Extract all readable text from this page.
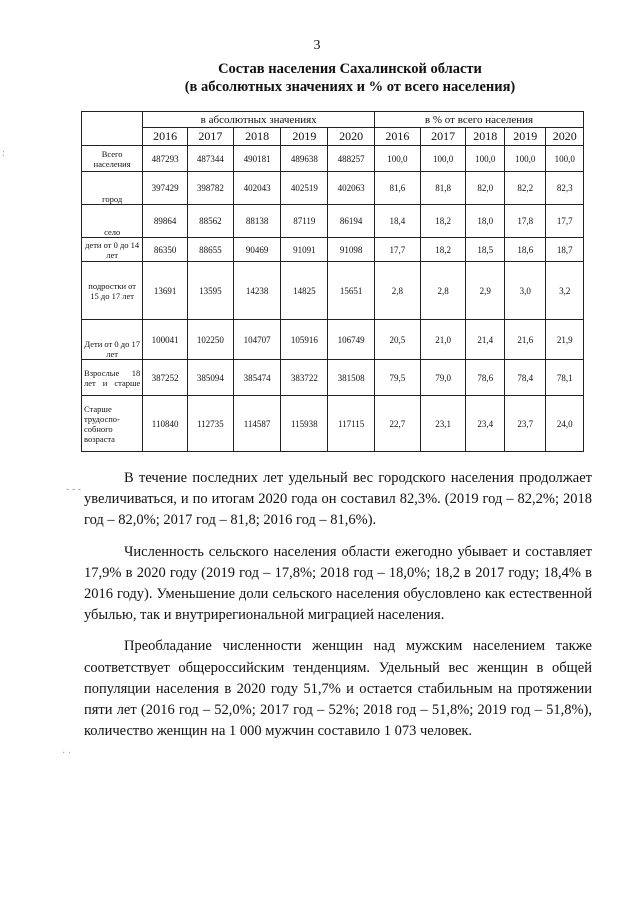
3
Состав населения Сахалинской области
(в абсолютных значениях и % от всего населения)
	в абсолютных значениях					в % от всего населения				
	2016	2017	2018	2019	2020	2016	2017	2018	2019	2020
Всего населения	487293	487344	490181	489638	488257	100,0	100,0	100,0	100,0	100,0
город	397429	398782	402043	402519	402063	81,6	81,8	82,0	82,2	82,3
село	89864	88562	88138	87119	86194	18,4	18,2	18,0	17,8	17,7
дети от 0 до 14 лет	86350	88655	90469	91091	91098	17,7	18,2	18,5	18,6	18,7
подростки от 15 до 17 лет	13691	13595	14238	14825	15651	2,8	2,8	2,9	3,0	3,2
Дети от 0 до 17 лет	100041	102250	104707	105916	106749	20,5	21,0	21,4	21,6	21,9
Взрослые 18 лет и старше	387252	385094	385474	383722	381508	79,5	79,0	78,6	78,4	78,1
Старше трудоспо-собного возраста	110840	112735	114587	115938	117115	22,7	23,1	23,4	23,7	24,0

В течение последних лет удельный вес городского населения продолжает увеличиваться, и по итогам 2020 года он составил 82,3%. (2019 год – 82,2%; 2018 год – 82,0%; 2017 год – 81,8; 2016 год – 81,6%).

Численность сельского населения области ежегодно убывает и составляет 17,9% в 2020 году (2019 год – 17,8%; 2018 год – 18,0%; 18,2 в 2017 году; 18,4% в 2016 году). Уменьшение доли сельского населения обусловлено как естественной убылью, так и внутрирегиональной миграцией населения.

Преобладание численности женщин над мужским населением также соответствует общероссийским тенденциям. Удельный вес женщин в общей популяции населения в 2020 году 51,7% и остается стабильным на протяжении пяти лет (2016 год – 52,0%; 2017 год – 52%; 2018 год – 51,8%; 2019 год – 51,8%), количество женщин на 1 000 мужчин составило 1 073 человек.

- - -
· ·
:
